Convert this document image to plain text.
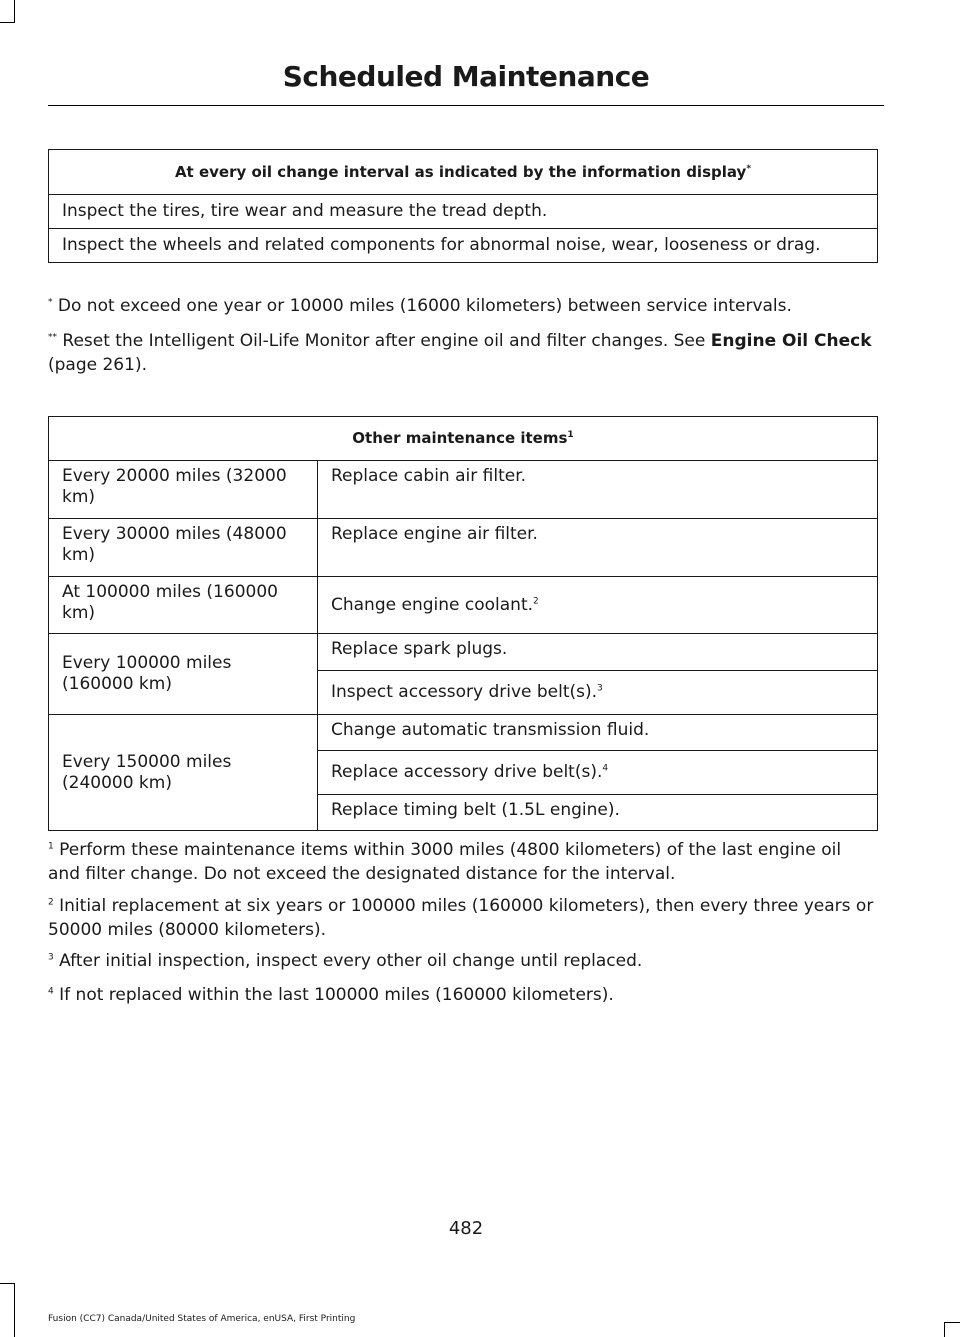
Scheduled Maintenance
At every oil change interval as indicated by the information display*
Inspect the tires, tire wear and measure the tread depth.
Inspect the wheels and related components for abnormal noise, wear, looseness or drag.
* Do not exceed one year or 10000 miles (16000 kilometers) between service intervals.
** Reset the Intelligent Oil-Life Monitor after engine oil and filter changes. See Engine Oil Check (page 261).
Other maintenance items$^1$
Every 20000 miles (32000 km)	Replace cabin air filter.
Every 30000 miles (48000 km)	Replace engine air filter.
At 100000 miles (160000 km)	Change engine coolant.$^2$
Every 100000 miles (160000 km)	Replace spark plugs.
	Inspect accessory drive belt(s).$^3$
Every 150000 miles (240000 km)	Change automatic transmission fluid.
	Replace accessory drive belt(s).$^4$
	Replace timing belt (1.5L engine).
$^1$ Perform these maintenance items within 3000 miles (4800 kilometers) of the last engine oil and filter change. Do not exceed the designated distance for the interval.
$^2$ Initial replacement at six years or 100000 miles (160000 kilometers), then every three years or 50000 miles (80000 kilometers).
$^3$ After initial inspection, inspect every other oil change until replaced.
$^4$ If not replaced within the last 100000 miles (160000 kilometers).
482
Fusion (CC7) Canada/United States of America, enUSA, First Printing
